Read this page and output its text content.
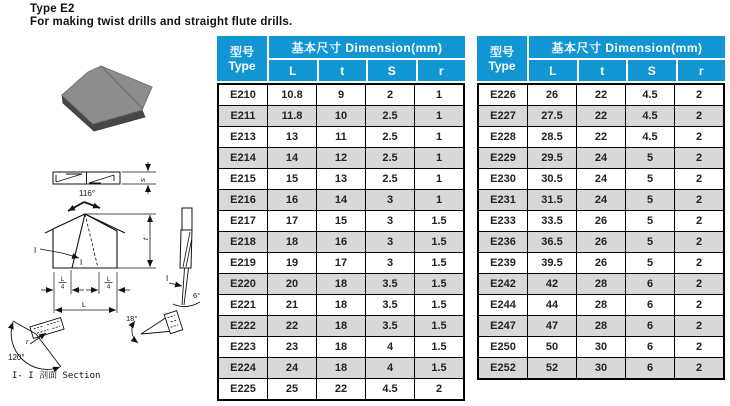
Type E2
For making twist drills and straight flute drills.
s
116°
I
I
t
L
4
L
4
L
6°
I
18°
r
120°
I- I 剖面 Section
型号
Type
基本尺寸 Dimension(mm)
L	t	S	r
E210	10.8	9	2	1
E211	11.8	10	2.5	1
E213	13	11	2.5	1
E214	14	12	2.5	1
E215	15	13	2.5	1
E216	16	14	3	1
E217	17	15	3	1.5
E218	18	16	3	1.5
E219	19	17	3	1.5
E220	20	18	3.5	1.5
E221	21	18	3.5	1.5
E222	22	18	3.5	1.5
E223	23	18	4	1.5
E224	24	18	4	1.5
E225	25	22	4.5	2
型号
Type
基本尺寸 Dimension(mm)
L	t	S	r
E226	26	22	4.5	2
E227	27.5	22	4.5	2
E228	28.5	22	4.5	2
E229	29.5	24	5	2
E230	30.5	24	5	2
E231	31.5	24	5	2
E233	33.5	26	5	2
E236	36.5	26	5	2
E239	39.5	26	5	2
E242	42	28	6	2
E244	44	28	6	2
E247	47	28	6	2
E250	50	30	6	2
E252	52	30	6	2
